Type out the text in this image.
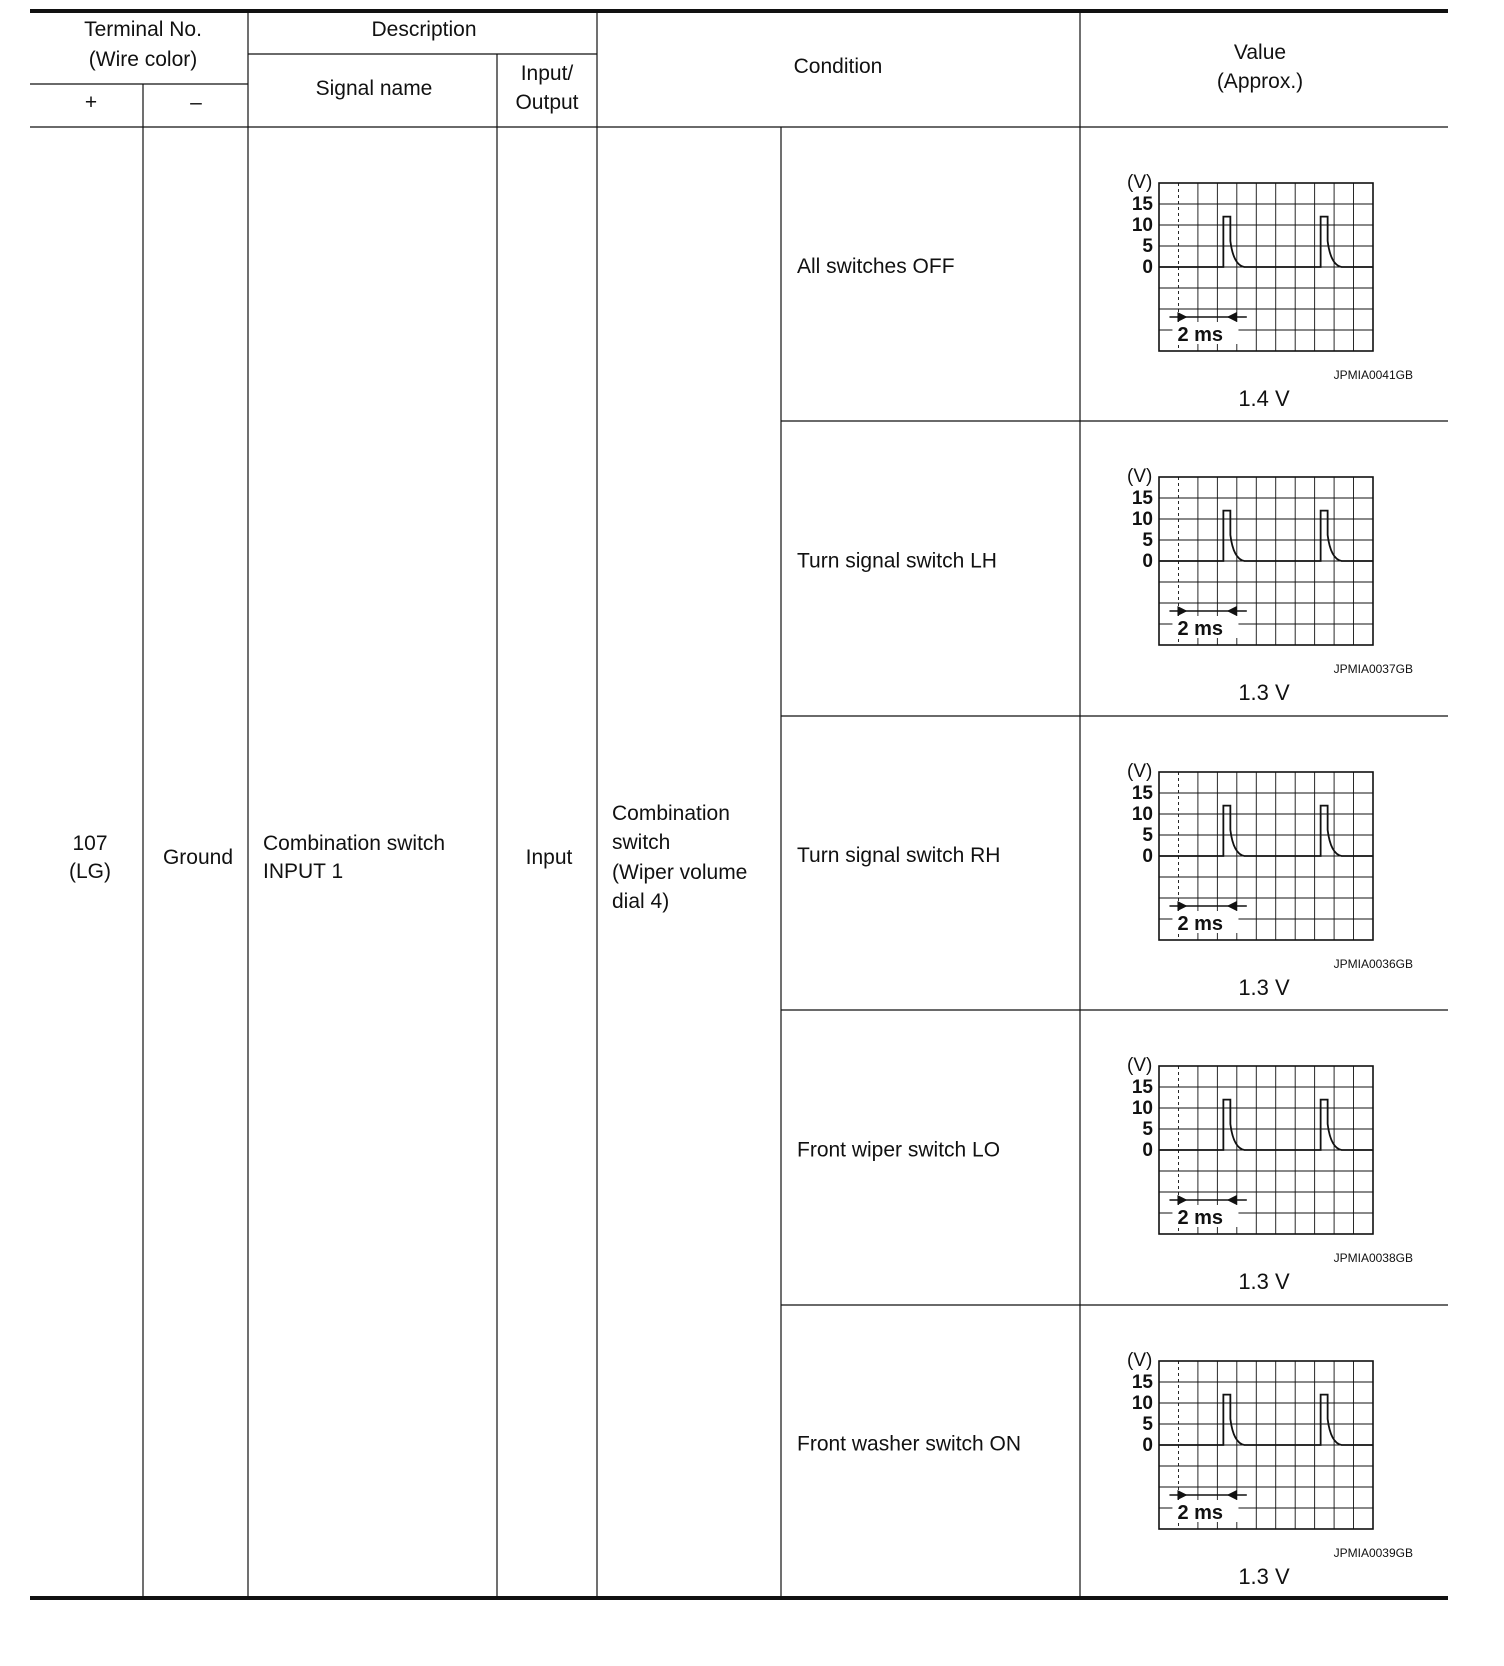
Terminal No.
(Wire color)
+	–
Description
Signal name
Input/
Output
Condition
Value
(Approx.)
107
(LG)
Ground
Combination switch
INPUT 1
Input
Combination
switch
(Wiper volume
dial 4)
All switches OFF
(V)
15
10
5
0
2 ms
JPMIA0041GB
1.4 V
Turn signal switch LH
(V)
15
10
5
0
2 ms
JPMIA0037GB
1.3 V
Turn signal switch RH
(V)
15
10
5
0
2 ms
JPMIA0036GB
1.3 V
Front wiper switch LO
(V)
15
10
5
0
2 ms
JPMIA0038GB
1.3 V
Front washer switch ON
(V)
15
10
5
0
2 ms
JPMIA0039GB
1.3 V
